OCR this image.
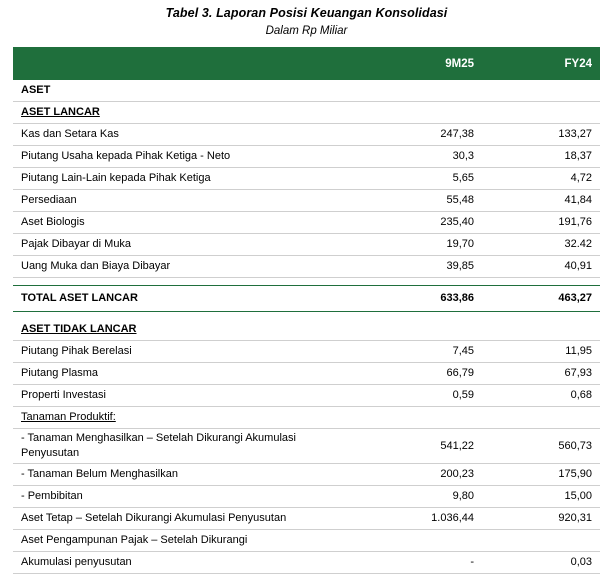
Tabel 3. Laporan Posisi Keuangan Konsolidasi
Dalam Rp Miliar
	9M25	FY24
ASET		
ASET LANCAR		
Kas dan Setara Kas	247,38	133,27
Piutang Usaha kepada Pihak Ketiga - Neto	30,3	18,37
Piutang Lain-Lain kepada Pihak Ketiga	5,65	4,72
Persediaan	55,48	41,84
Aset Biologis	235,40	191,76
Pajak Dibayar di Muka	19,70	32.42
Uang Muka dan Biaya Dibayar	39,85	40,91

TOTAL ASET LANCAR	633,86	463,27

ASET TIDAK LANCAR		
Piutang Pihak Berelasi	7,45	11,95
Piutang Plasma	66,79	67,93
Properti Investasi	0,59	0,68
Tanaman Produktif:		
- Tanaman Menghasilkan – Setelah Dikurangi Akumulasi Penyusutan	541,22	560,73
- Tanaman Belum Menghasilkan	200,23	175,90
- Pembibitan	9,80	15,00
Aset Tetap – Setelah Dikurangi Akumulasi Penyusutan	1.036,44	920,31
Aset Pengampunan Pajak – Setelah Dikurangi		
Akumulasi penyusutan	-	0,03
